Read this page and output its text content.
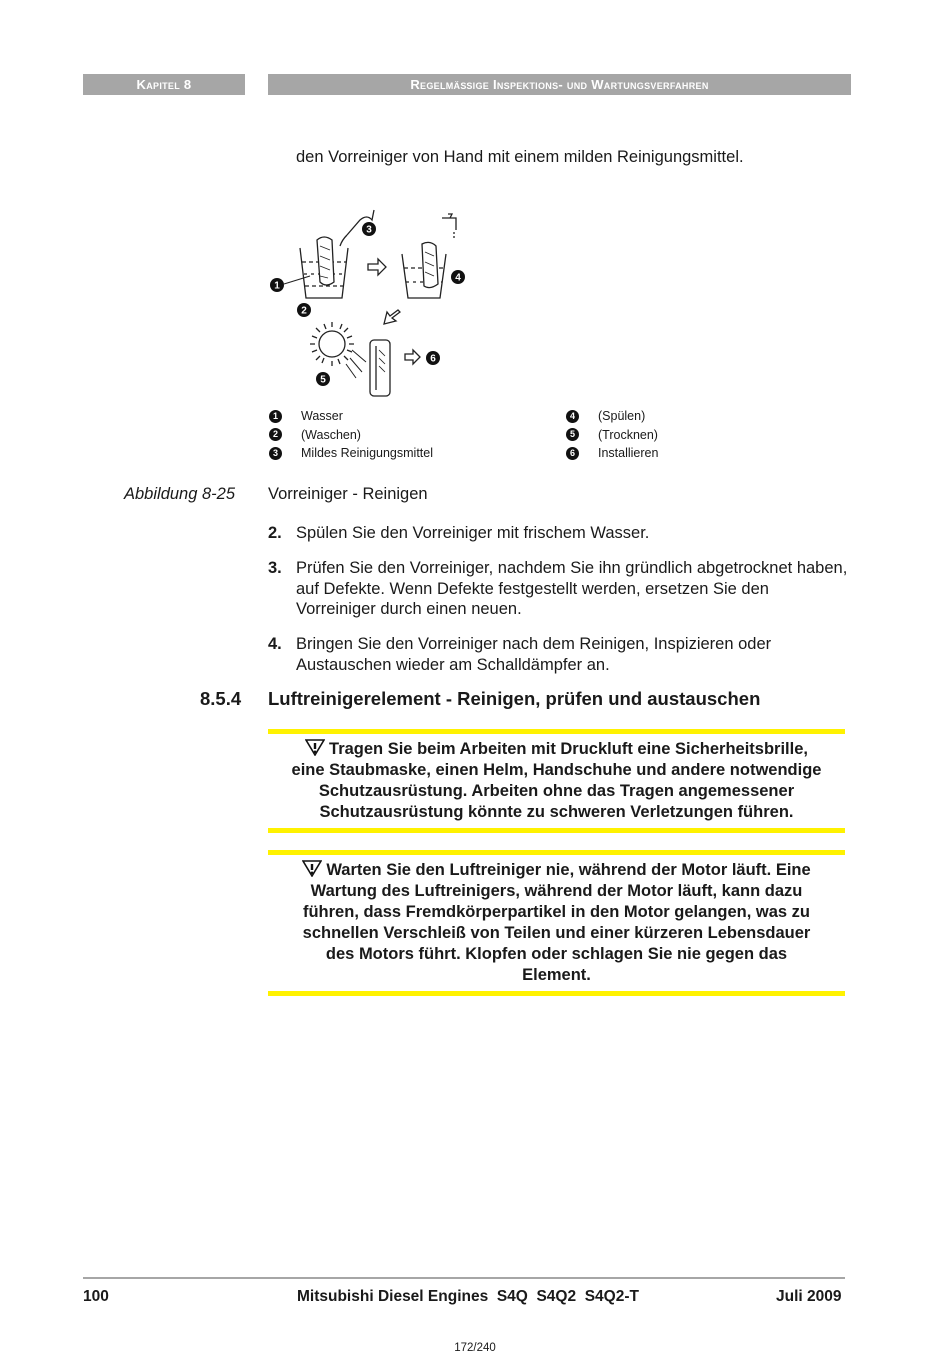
Kapitel 8	Regelmäßige Inspektions- und Wartungsverfahren
den Vorreiniger von Hand mit einem milden Reinigungsmittel.
1
2
3
4
5
6
1	Wasser
2	(Waschen)
3	Mildes Reinigungsmittel
4	(Spülen)
5	(Trocknen)
6	Installieren
Abbildung 8-25 Vorreiniger - Reinigen
2. Spülen Sie den Vorreiniger mit frischem Wasser.
3. Prüfen Sie den Vorreiniger, nachdem Sie ihn gründlich abgetrocknet haben, auf Defekte. Wenn Defekte festgestellt werden, ersetzen Sie den Vorreiniger durch einen neuen.
4. Bringen Sie den Vorreiniger nach dem Reinigen, Inspizieren oder Austauschen wieder am Schalldämpfer an.
8.5.4 Luftreinigerelement - Reinigen, prüfen und austauschen
Tragen Sie beim Arbeiten mit Druckluft eine Sicherheitsbrille,
eine Staubmaske, einen Helm, Handschuhe und andere notwendige
Schutzausrüstung. Arbeiten ohne das Tragen angemessener
Schutzausrüstung könnte zu schweren Verletzungen führen.
Warten Sie den Luftreiniger nie, während der Motor läuft. Eine
Wartung des Luftreinigers, während der Motor läuft, kann dazu
führen, dass Fremdkörperpartikel in den Motor gelangen, was zu
schnellen Verschleiß von Teilen und einer kürzeren Lebensdauer
des Motors führt. Klopfen oder schlagen Sie nie gegen das
Element.
100	Mitsubishi Diesel Engines  S4Q  S4Q2  S4Q2-T	Juli 2009
172/240
